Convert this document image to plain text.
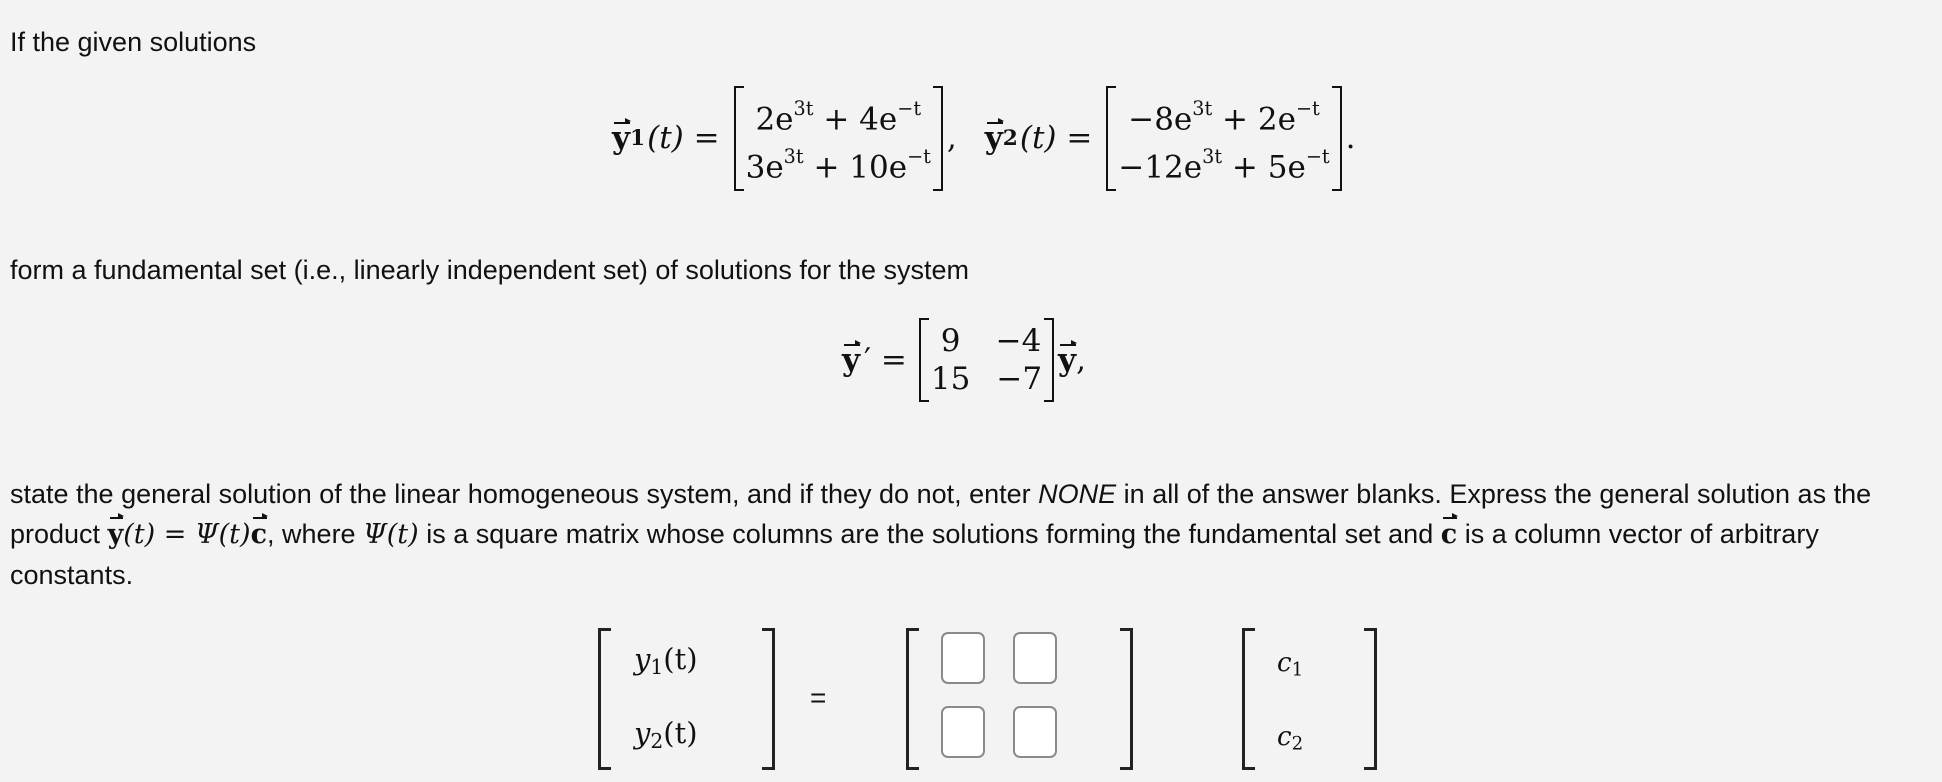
If the given solutions

y 1 (t) =
$2e^{3t} + 4e^{-t}$
$3e^{3t} + 10e^{-t}$
, y 2 (t) =
$-8e^{3t} + 2e^{-t}$
$-12e^{3t} + 5e^{-t}$
.

form a fundamental set (i.e., linearly independent set) of solutions for the system

y ′ =
9 −4
15 −7
y ,

state the general solution of the linear homogeneous system, and if they do not, enter NONE in all of the answer blanks. Express the general solution as the product y(t) = Ψ(t)c, where Ψ(t) is a square matrix whose columns are the solutions forming the fundamental set and c is a column vector of arbitrary constants.

$y_1(t)$
$y_2(t)$
=
$c_1$
$c_2$
